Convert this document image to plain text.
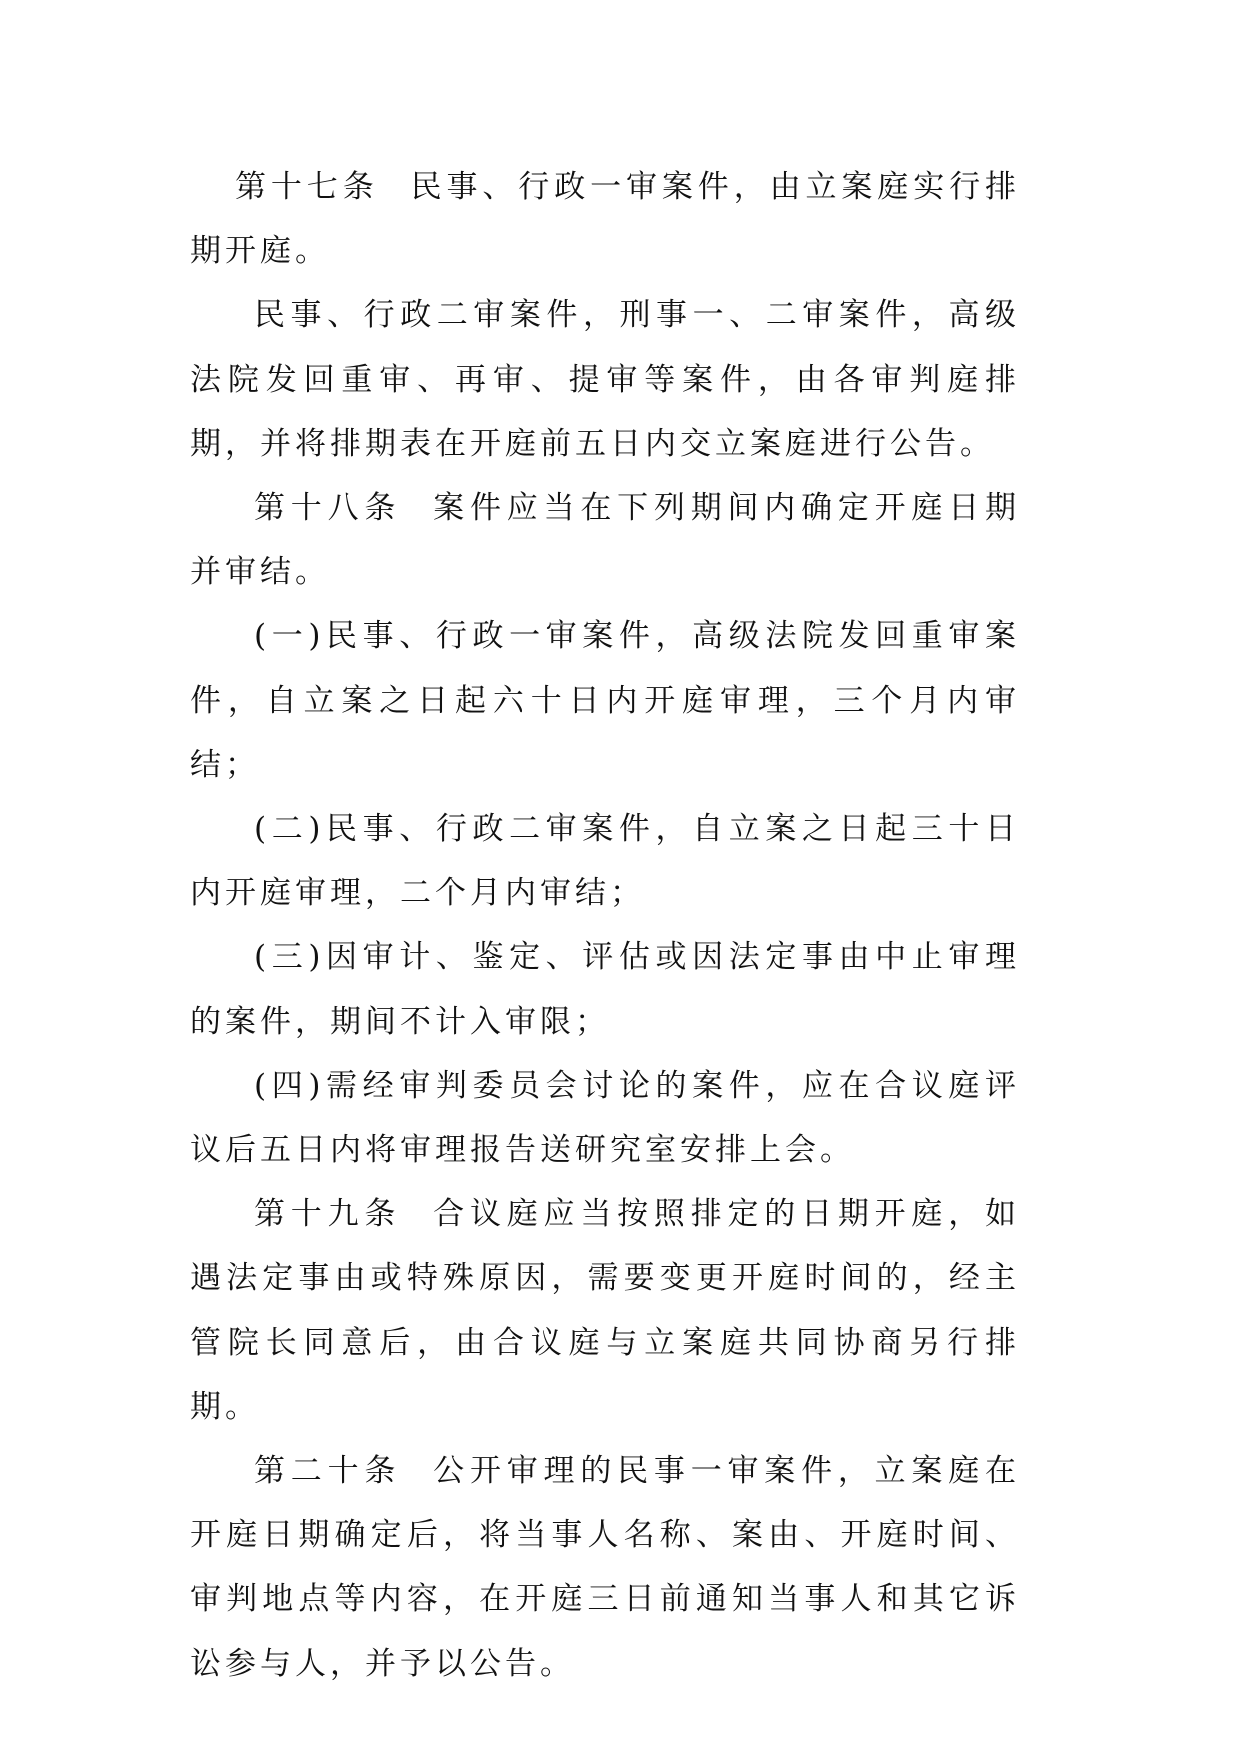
第十七条 民事、行政一审案件，由立案庭实行排期开庭。

民事、行政二审案件，刑事一、二审案件，高级法院发回重审、再审、提审等案件，由各审判庭排期，并将排期表在开庭前五日内交立案庭进行公告。

第十八条 案件应当在下列期间内确定开庭日期并审结。

(一)民事、行政一审案件，高级法院发回重审案件，自立案之日起六十日内开庭审理，三个月内审结；

(二)民事、行政二审案件，自立案之日起三十日内开庭审理，二个月内审结；

(三)因审计、鉴定、评估或因法定事由中止审理的案件，期间不计入审限；

(四)需经审判委员会讨论的案件，应在合议庭评议后五日内将审理报告送研究室安排上会。

第十九条 合议庭应当按照排定的日期开庭，如遇法定事由或特殊原因，需要变更开庭时间的，经主管院长同意后，由合议庭与立案庭共同协商另行排期。

第二十条 公开审理的民事一审案件，立案庭在开庭日期确定后，将当事人名称、案由、开庭时间、审判地点等内容，在开庭三日前通知当事人和其它诉讼参与人，并予以公告。
